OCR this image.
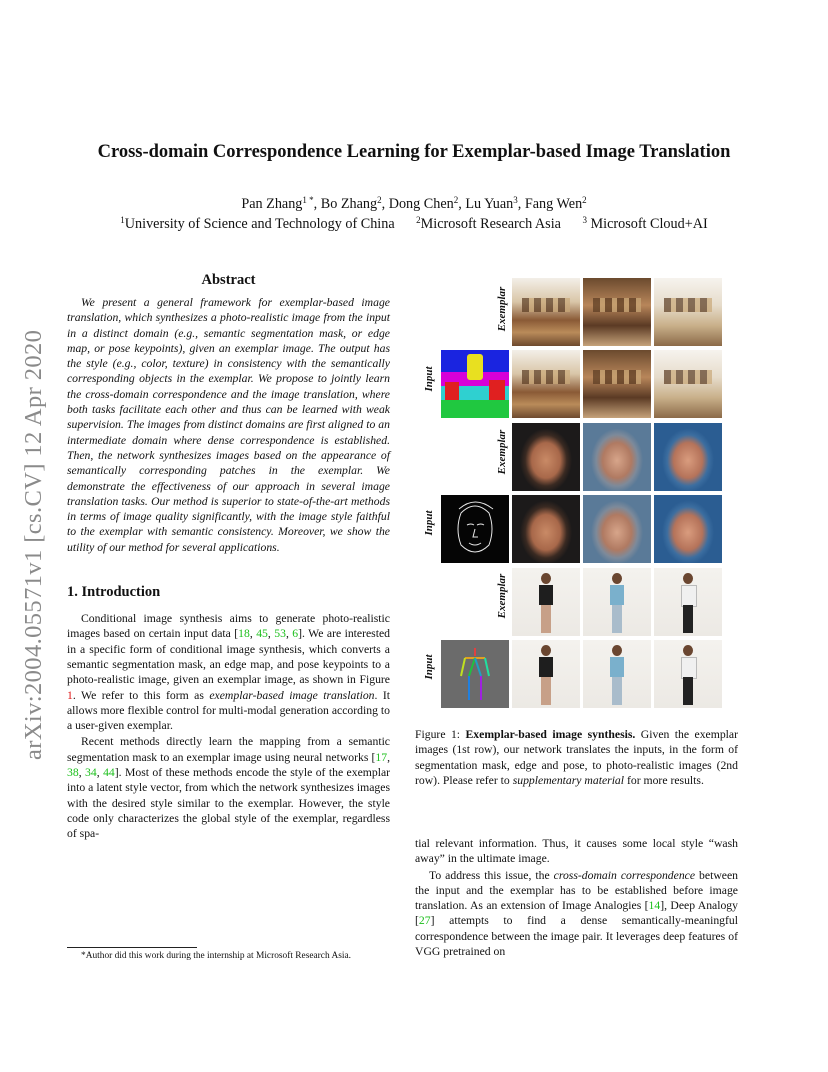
arXiv:2004.05571v1 [cs.CV] 12 Apr 2020
Cross-domain Correspondence Learning for Exemplar-based Image Translation
Pan Zhang$^{1 *}$, Bo Zhang$^2$, Dong Chen$^2$, Lu Yuan$^3$, Fang Wen$^2$
$^1$University of Science and Technology of China $^2$Microsoft Research Asia $^3$ Microsoft Cloud+AI
Abstract

We present a general framework for exemplar-based image translation, which synthesizes a photo-realistic image from the input in a distinct domain (e.g., semantic segmentation mask, or edge map, or pose keypoints), given an exemplar image. The output has the style (e.g., color, texture) in consistency with the semantically corresponding objects in the exemplar. We propose to jointly learn the cross-domain correspondence and the image translation, where both tasks facilitate each other and thus can be learned with weak supervision. The images from distinct domains are first aligned to an intermediate domain where dense correspondence is established. Then, the network synthesizes images based on the appearance of semantically corresponding patches in the exemplar. We demonstrate the effectiveness of our approach in several image translation tasks. Our method is superior to state-of-the-art methods in terms of image quality significantly, with the image style faithful to the exemplar with semantic consistency. Moreover, we show the utility of our method for several applications.

1. Introduction

Conditional image synthesis aims to generate photo-realistic images based on certain input data [18, 45, 53, 6]. We are interested in a specific form of conditional image synthesis, which converts a semantic segmentation mask, an edge map, and pose keypoints to a photo-realistic image, given an exemplar image, as shown in Figure 1. We refer to this form as exemplar-based image translation. It allows more flexible control for multi-modal generation according to a user-given exemplar.

Recent methods directly learn the mapping from a semantic segmentation mask to an exemplar image using neural networks [17, 38, 34, 44]. Most of these methods encode the style of the exemplar into a latent style vector, from which the network synthesizes images with the desired style similar to the exemplar. However, the style code only characterizes the global style of the exemplar, regardless of spa-

*Author did this work during the internship at Microsoft Research Asia.
Exemplar
Input
Exemplar
Input
Exemplar
Input
Figure 1: Exemplar-based image synthesis. Given the exemplar images (1st row), our network translates the inputs, in the form of segmentation mask, edge and pose, to photo-realistic images (2nd row). Please refer to supplementary material for more results.

tial relevant information. Thus, it causes some local style “wash away” in the ultimate image.

To address this issue, the cross-domain correspondence between the input and the exemplar has to be established before image translation. As an extension of Image Analogies [14], Deep Analogy [27] attempts to find a dense semantically-meaningful correspondence between the image pair. It leverages deep features of VGG pretrained on
